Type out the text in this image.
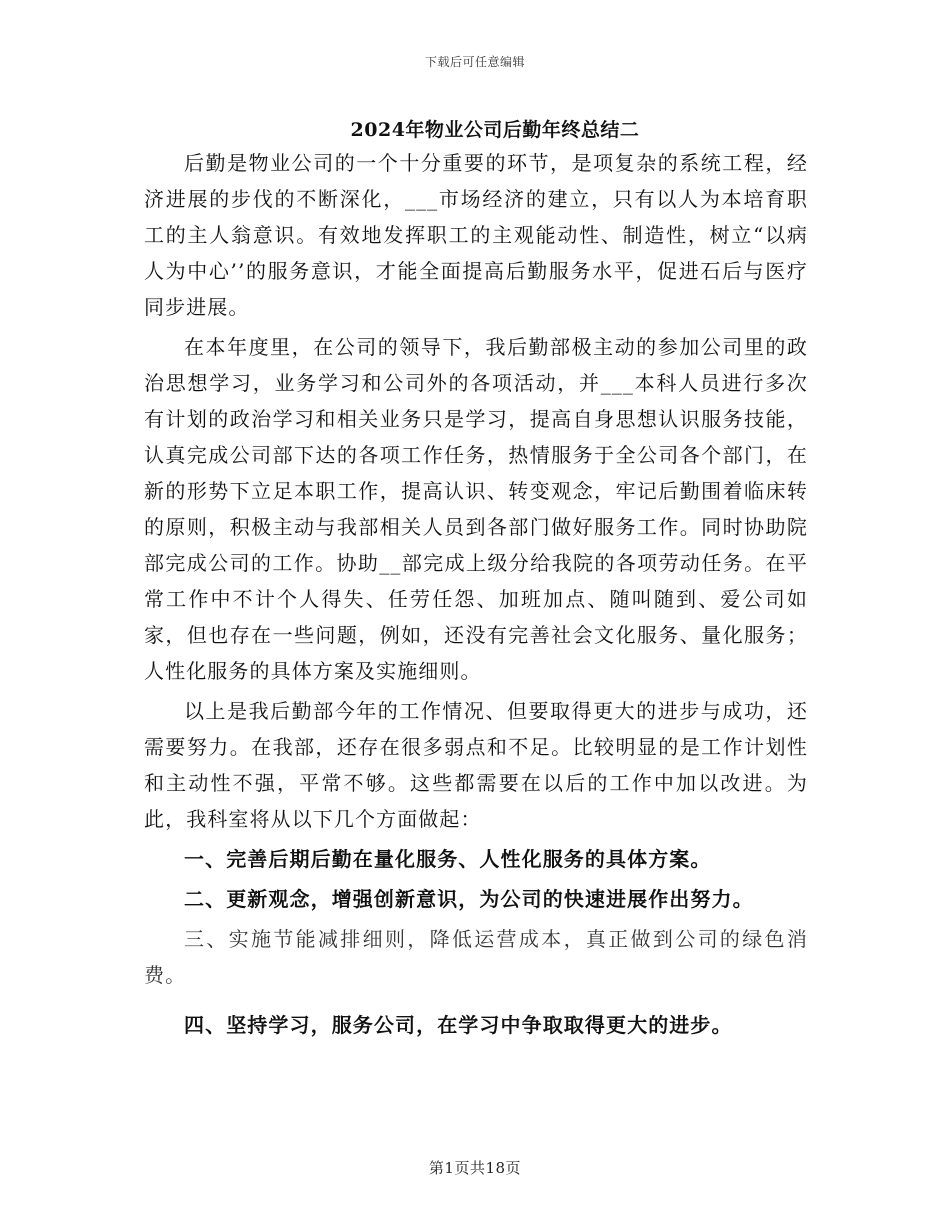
下载后可任意编辑
2024年物业公司后勤年终总结二

后勤是物业公司的一个十分重要的环节，是项复杂的系统工程，经济进展的步伐的不断深化，___市场经济的建立，只有以人为本培育职工的主人翁意识。有效地发挥职工的主观能动性、制造性，树立“以病人为中心’’的服务意识，才能全面提高后勤服务水平，促进石后与医疗同步进展。

在本年度里，在公司的领导下，我后勤部极主动的参加公司里的政治思想学习，业务学习和公司外的各项活动，并___本科人员进行多次有计划的政治学习和相关业务只是学习，提高自身思想认识服务技能，认真完成公司部下达的各项工作任务，热情服务于全公司各个部门，在新的形势下立足本职工作，提高认识、转变观念，牢记后勤围着临床转的原则，积极主动与我部相关人员到各部门做好服务工作。同时协助院部完成公司的工作。协助__部完成上级分给我院的各项劳动任务。在平常工作中不计个人得失、任劳任怨、加班加点、随叫随到、爱公司如家，但也存在一些问题，例如，还没有完善社会文化服务、量化服务；人性化服务的具体方案及实施细则。

以上是我后勤部今年的工作情况、但要取得更大的进步与成功，还需要努力。在我部，还存在很多弱点和不足。比较明显的是工作计划性和主动性不强，平常不够。这些都需要在以后的工作中加以改进。为此，我科室将从以下几个方面做起：

一、完善后期后勤在量化服务、人性化服务的具体方案。

二、更新观念，增强创新意识，为公司的快速进展作出努力。

三、实施节能减排细则，降低运营成本，真正做到公司的绿色消费。

四、坚持学习，服务公司，在学习中争取取得更大的进步。

第1页共18页
